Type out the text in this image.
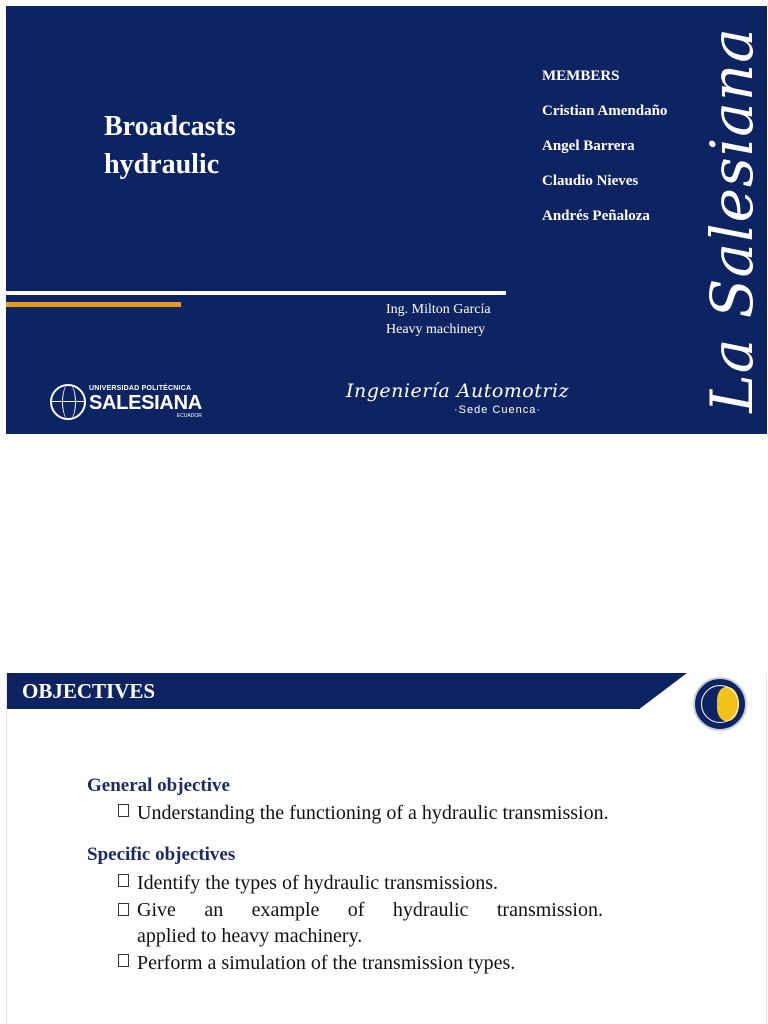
Broadcasts
hydraulic
MEMBERS
Cristian Amendaño
Angel Barrera
Claudio Nieves
Andrés Peñaloza
Ing. Milton García
Heavy machinery	La Salesiana
UNIVERSIDAD POLITÉCNICA
SALESIANA
ECUADOR
Ingeniería Automotriz
·Sede Cuenca·
OBJECTIVES
General objective
Understanding the functioning of a hydraulic transmission.
Specific objectives
Identify the types of hydraulic transmissions.
Give an example of hydraulic transmission.
applied to heavy machinery.
Perform a simulation of the transmission types.
